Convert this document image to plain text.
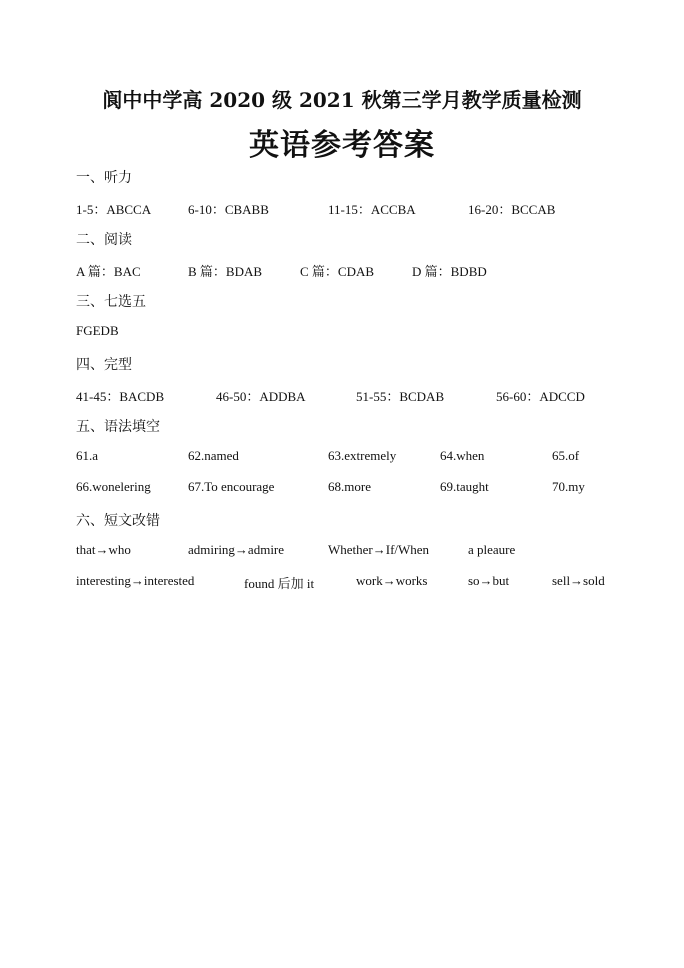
阆中中学高 2020 级 2021 秋第三学月教学质量检测
英语参考答案
一、听力
1-5：ABCCA	6-10：CBABB	11-15：ACCBA	16-20：BCCAB
二、阅读
A 篇：BAC	B 篇：BDAB	C 篇：CDAB	D 篇：BDBD
三、七选五
FGEDB
四、完型
41-45：BACDB	46-50：ADDBA	51-55：BCDAB	56-60：ADCCD
五、语法填空
61.a	62.named	63.extremely	64.when	65.of
66.wonelering	67.To encourage	68.more	69.taught	70.my
六、短文改错
that→who	admiring→admire	Whether→If/When	a pleaure
interesting→interested	found 后加 it	work→works	so→but	sell→sold
